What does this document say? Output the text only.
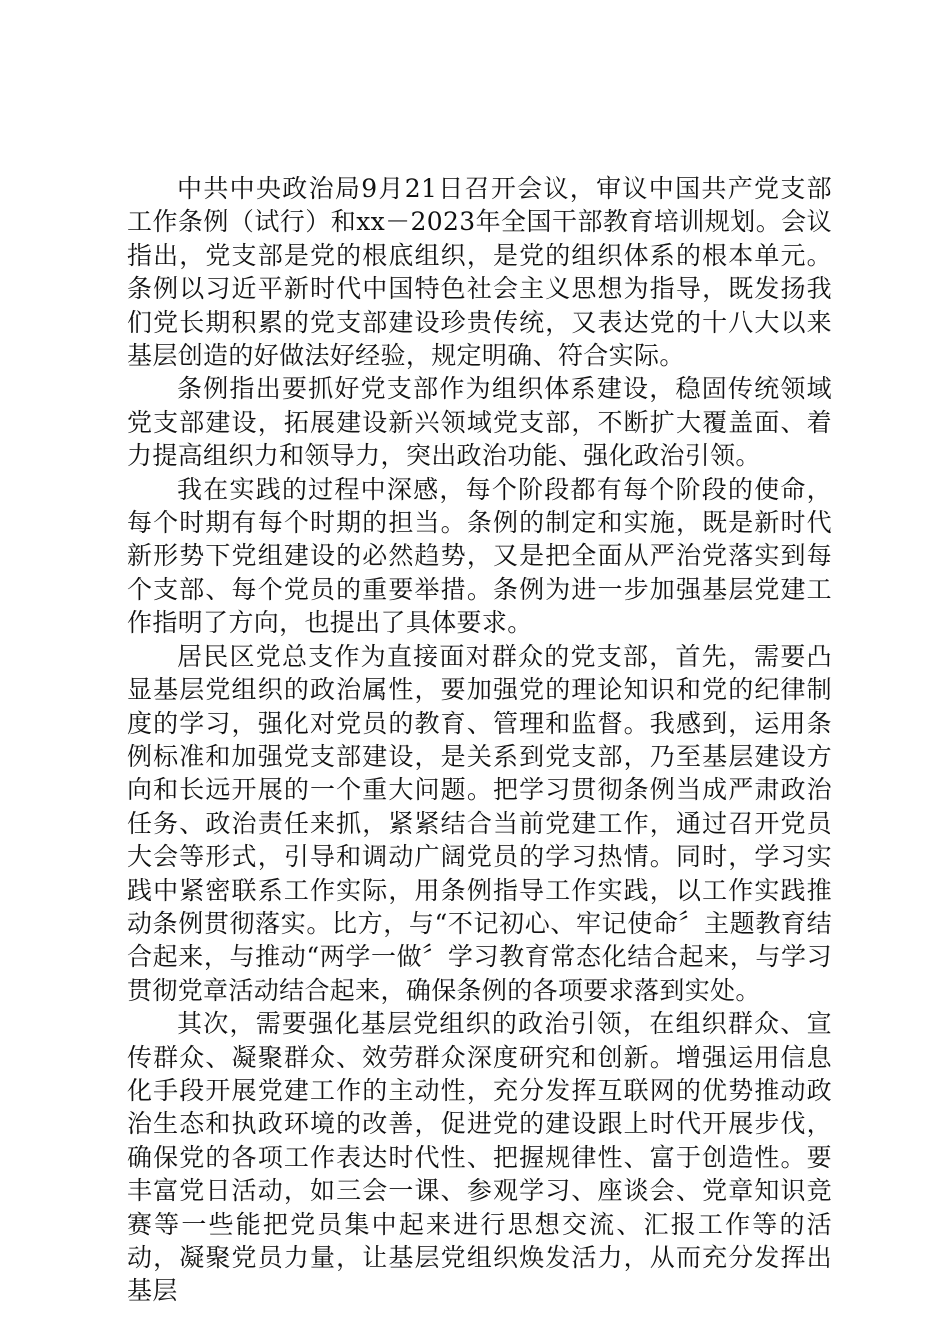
中共中央政治局9月21日召开会议，审议中国共产党支部工作条例（试行）和xx－2023年全国干部教育培训规划。会议指出，党支部是党的根底组织，是党的组织体系的根本单元。条例以习近平新时代中国特色社会主义思想为指导，既发扬我们党长期积累的党支部建设珍贵传统，又表达党的十八大以来基层创造的好做法好经验，规定明确、符合实际。

条例指出要抓好党支部作为组织体系建设，稳固传统领域党支部建设，拓展建设新兴领域党支部，不断扩大覆盖面、着力提高组织力和领导力，突出政治功能、强化政治引领。

我在实践的过程中深感，每个阶段都有每个阶段的使命，每个时期有每个时期的担当。条例的制定和实施，既是新时代新形势下党组建设的必然趋势，又是把全面从严治党落实到每个支部、每个党员的重要举措。条例为进一步加强基层党建工作指明了方向，也提出了具体要求。

居民区党总支作为直接面对群众的党支部，首先，需要凸显基层党组织的政治属性，要加强党的理论知识和党的纪律制度的学习，强化对党员的教育、管理和监督。我感到，运用条例标准和加强党支部建设，是关系到党支部，乃至基层建设方向和长远开展的一个重大问题。把学习贯彻条例当成严肃政治任务、政治责任来抓，紧紧结合当前党建工作，通过召开党员大会等形式，引导和调动广阔党员的学习热情。同时，学习实践中紧密联系工作实际，用条例指导工作实践，以工作实践推动条例贯彻落实。比方，与“不记初心、牢记使命〞主题教育结合起来，与推动“两学一做〞学习教育常态化结合起来，与学习贯彻党章活动结合起来，确保条例的各项要求落到实处。

其次，需要强化基层党组织的政治引领，在组织群众、宣传群众、凝聚群众、效劳群众深度研究和创新。增强运用信息化手段开展党建工作的主动性，充分发挥互联网的优势推动政治生态和执政环境的改善，促进党的建设跟上时代开展步伐，确保党的各项工作表达时代性、把握规律性、富于创造性。要丰富党日活动，如三会一课、参观学习、座谈会、党章知识竞赛等一些能把党员集中起来进行思想交流、汇报工作等的活动，凝聚党员力量，让基层党组织焕发活力，从而充分发挥出基层
